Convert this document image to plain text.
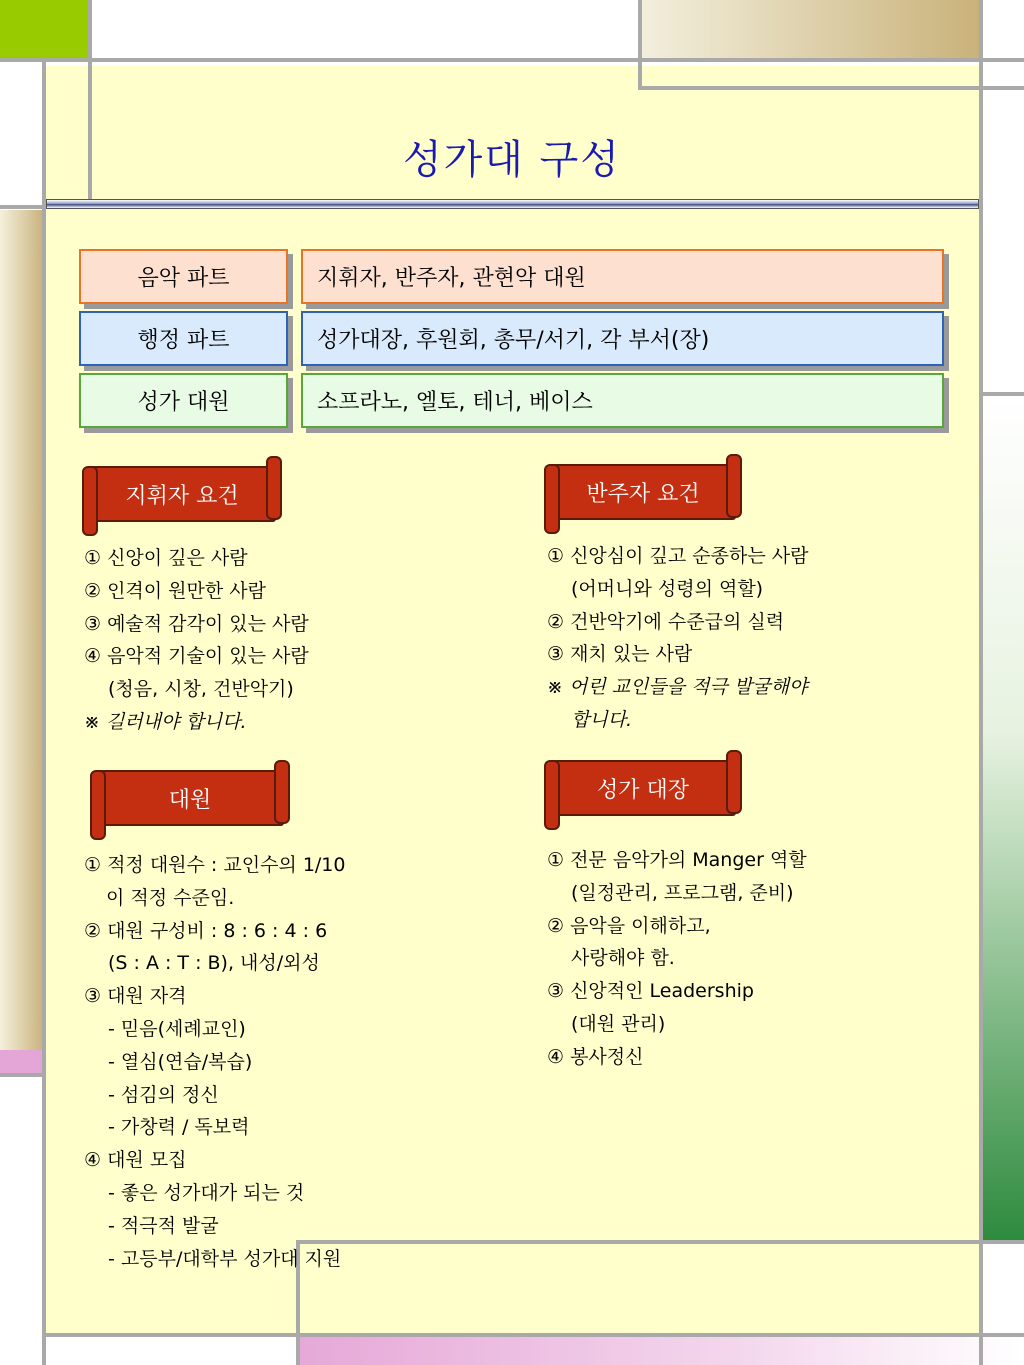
성가대 구성
음악 파트	지휘자, 반주자, 관현악 대원
행정 파트	성가대장, 후원회, 총무/서기, 각 부서(장)
성가 대원	소프라노, 엘토, 테너, 베이스
지휘자 요건	반주자 요건
대원	성가 대장
① 신앙이 깊은 사람
② 인격이 원만한 사람
③ 예술적 감각이 있는 사람
④ 음악적 기술이 있는 사람
(청음, 시창, 건반악기)
※ 길러내야 합니다.
① 신앙심이 깊고 순종하는 사람
(어머니와 성령의 역할)
② 건반악기에 수준급의 실력
③ 재치 있는 사람
※ 어린 교인들을 적극 발굴해야
합니다.
① 적정 대원수 : 교인수의 1/10
이 적정 수준임.
② 대원 구성비 : 8 : 6 : 4 : 6
(S : A : T : B), 내성/외성
③ 대원 자격
- 믿음(세례교인)
- 열심(연습/복습)
- 섬김의 정신
- 가창력 / 독보력
④ 대원 모집
- 좋은 성가대가 되는 것
- 적극적 발굴
- 고등부/대학부 성가대 지원
① 전문 음악가의 Manger 역할
(일정관리, 프로그램, 준비)
② 음악을 이해하고,
사랑해야 함.
③ 신앙적인 Leadership
(대원 관리)
④ 봉사정신
